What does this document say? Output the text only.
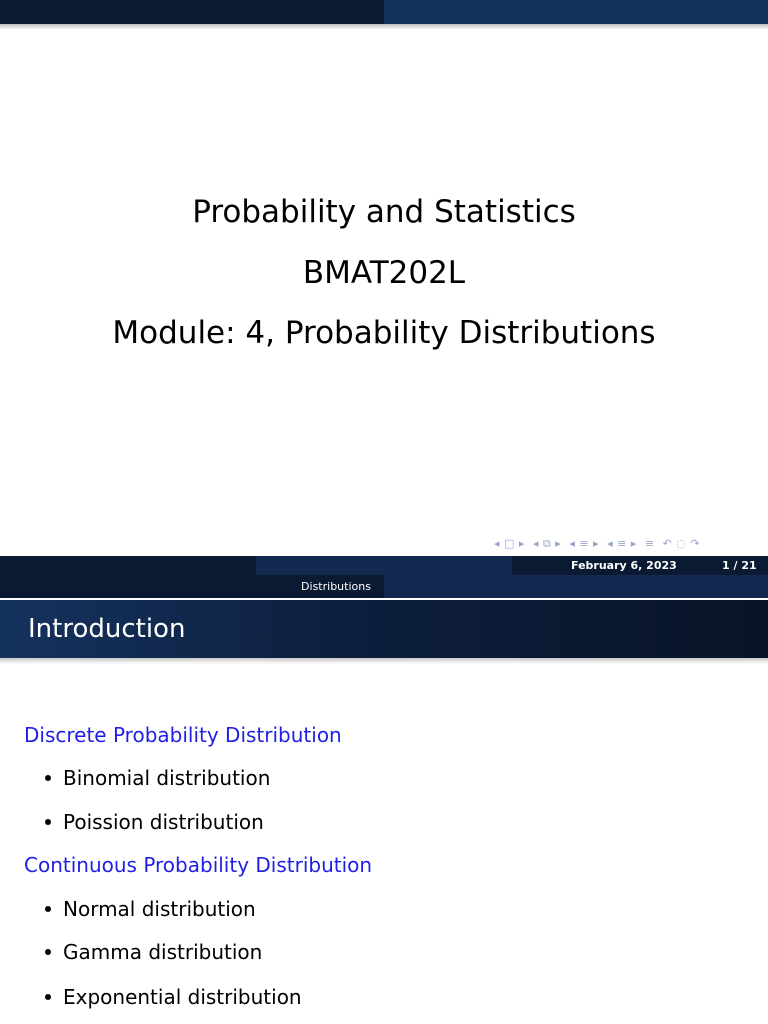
Probability and Statistics
BMAT202L
Module: 4, Probability Distributions
◂ □ ▸ ◂ ⧉ ▸ ◂ ≡ ▸ ◂ ≡ ▸ ≡ ↶ ◌ ↷
February 6, 2023	1 / 21
Distributions
Introduction
Discrete Probability Distribution
Binomial distribution
Poission distribution
Continuous Probability Distribution
Normal distribution
Gamma distribution
Exponential distribution
